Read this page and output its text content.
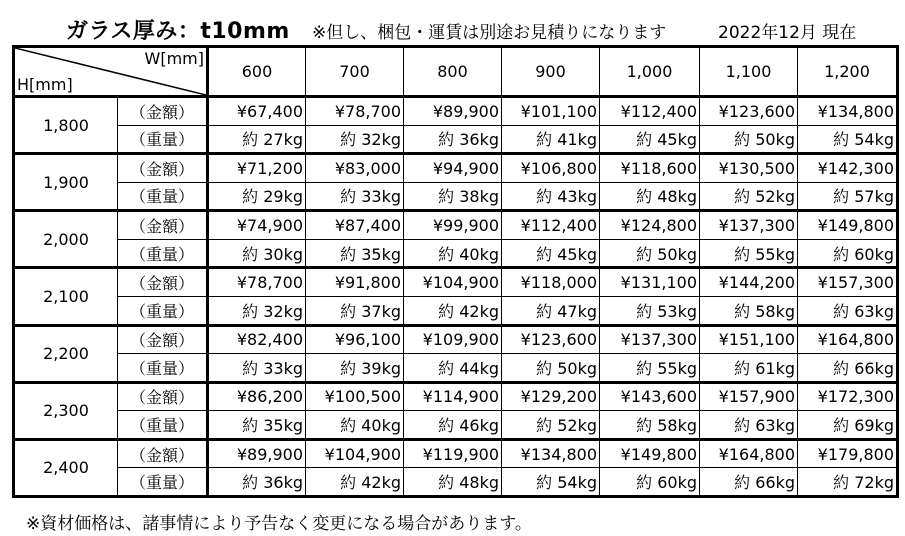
ガラス厚み：t10mm ※但し、梱包・運賃は別途お見積りになります	2022年12月 現在
W[mm]
H[mm]		600	700	800	900	1,000	1,100	1,200
1,800	（金額）	¥67,400	¥78,700	¥89,900	¥101,100	¥112,400	¥123,600	¥134,800
	（重量）	約 27kg	約 32kg	約 36kg	約 41kg	約 45kg	約 50kg	約 54kg
1,900	（金額）	¥71,200	¥83,000	¥94,900	¥106,800	¥118,600	¥130,500	¥142,300
	（重量）	約 29kg	約 33kg	約 38kg	約 43kg	約 48kg	約 52kg	約 57kg
2,000	（金額）	¥74,900	¥87,400	¥99,900	¥112,400	¥124,800	¥137,300	¥149,800
	（重量）	約 30kg	約 35kg	約 40kg	約 45kg	約 50kg	約 55kg	約 60kg
2,100	（金額）	¥78,700	¥91,800	¥104,900	¥118,000	¥131,100	¥144,200	¥157,300
	（重量）	約 32kg	約 37kg	約 42kg	約 47kg	約 53kg	約 58kg	約 63kg
2,200	（金額）	¥82,400	¥96,100	¥109,900	¥123,600	¥137,300	¥151,100	¥164,800
	（重量）	約 33kg	約 39kg	約 44kg	約 50kg	約 55kg	約 61kg	約 66kg
2,300	（金額）	¥86,200	¥100,500	¥114,900	¥129,200	¥143,600	¥157,900	¥172,300
	（重量）	約 35kg	約 40kg	約 46kg	約 52kg	約 58kg	約 63kg	約 69kg
2,400	（金額）	¥89,900	¥104,900	¥119,900	¥134,800	¥149,800	¥164,800	¥179,800
	（重量）	約 36kg	約 42kg	約 48kg	約 54kg	約 60kg	約 66kg	約 72kg
※資材価格は、諸事情により予告なく変更になる場合があります。
